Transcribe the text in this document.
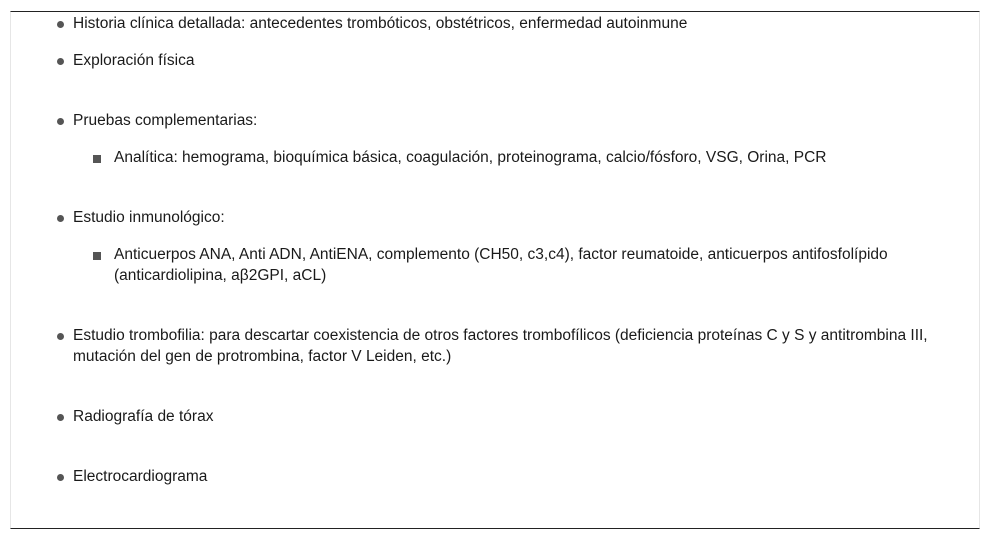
Historia clínica detallada: antecedentes trombóticos, obstétricos, enfermedad autoinmune
Exploración física
Pruebas complementarias:
Analítica: hemograma, bioquímica básica, coagulación, proteinograma, calcio/fósforo, VSG, Orina, PCR
Estudio inmunológico:
Anticuerpos ANA, Anti ADN, AntiENA, complemento (CH50, c3,c4), factor reumatoide, anticuerpos antifosfolípido (anticardiolipina, aβ2GPI, aCL)
Estudio trombofilia: para descartar coexistencia de otros factores trombofílicos (deficiencia proteínas C y S y antitrombina III, mutación del gen de protrombina, factor V Leiden, etc.)
Radiografía de tórax
Electrocardiograma
